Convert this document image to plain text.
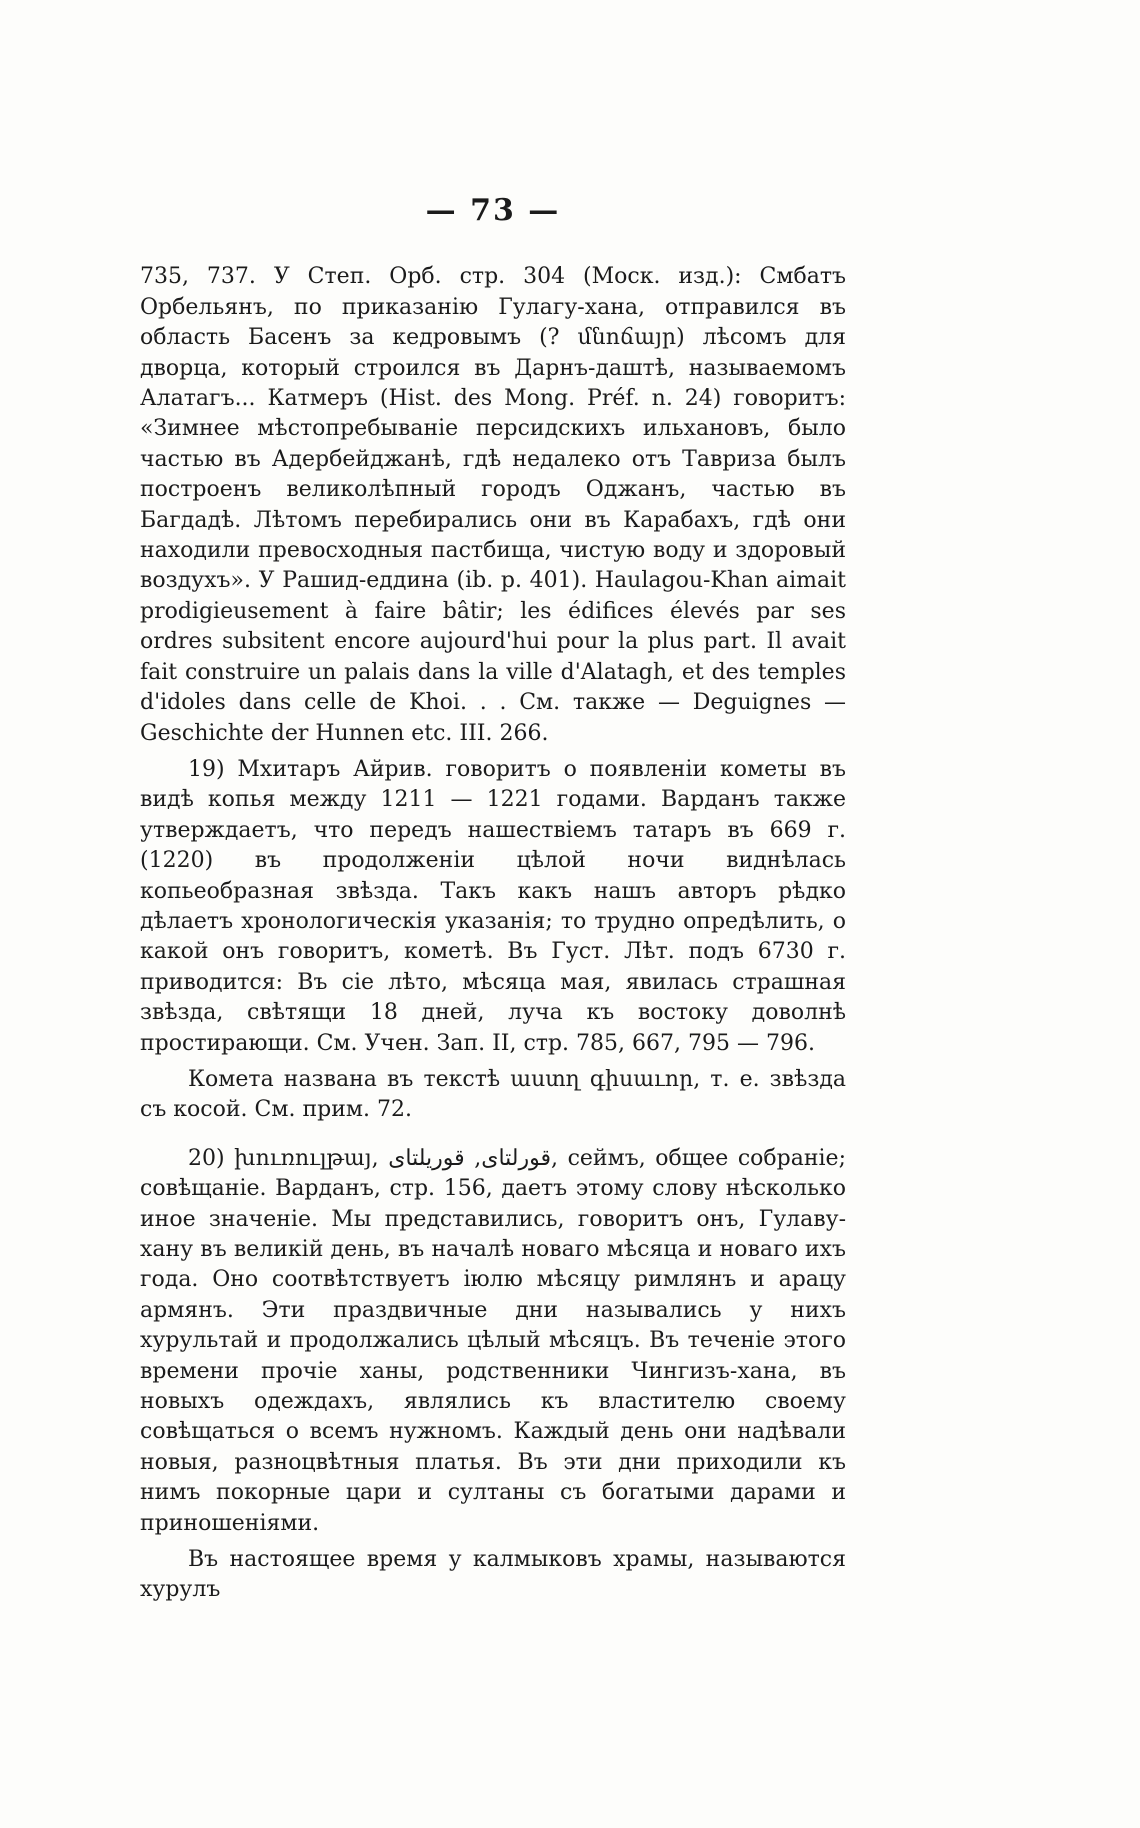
— 73 —

735, 737. У Степ. Орб. стр. 304 (Моск. изд.): Смбатъ Орбельянъ, по приказанію Гулагу-хана, отправился въ область Басенъ за кедровымъ (? մնոճայր) лѣсомъ для дворца, который строился въ Дарнъ-даштѣ, называемомъ Алатагъ... Катмеръ (Hist. des Mong. Préf. n. 24) говоритъ: «Зимнее мѣстопребываніе персидскихъ ильхановъ, было частью въ Адербейджанѣ, гдѣ недалеко отъ Тавриза былъ построенъ великолѣпный городъ Оджанъ, частью въ Багдадѣ. Лѣтомъ перебирались они въ Карабахъ, гдѣ они находили превосходныя пастбища, чистую воду и здоровый воздухъ». У Рашид-еддина (ib. p. 401). Haulagou-Khan aimait prodigieusement à faire bâtir; les édifices élevés par ses ordres subsitent encore aujourd'hui pour la plus part. Il avait fait construire un palais dans la ville d'Alatagh, et des temples d'idoles dans celle de Khoi. . . См. также — Deguignes — Geschichte der Hunnen etc. III. 266.

19) Мхитаръ Айрив. говоритъ о появленіи кометы въ видѣ копья между 1211 — 1221 годами. Варданъ также утверждаетъ, что передъ нашествіемъ татаръ въ 669 г. (1220) въ продолженіи цѣлой ночи виднѣлась копьеобразная звѣзда. Такъ какъ нашъ авторъ рѣдко дѣлаетъ хронологическія указанія; то трудно опредѣлить, о какой онъ говоритъ, кометѣ. Въ Густ. Лѣт. подъ 6730 г. приводится: Въ сіе лѣто, мѣсяца мая, явилась страшная звѣзда, свѣтящи 18 дней, луча къ востоку доволнѣ простирающи. См. Учен. Зап. II, стр. 785, 667, 795 — 796.

Комета названа въ текстѣ աստղ գիսաւոր, т. е. звѣзда съ косой. См. прим. 72.

20) խուռուլթայ, قورلتاى, قوريلتاى, сеймъ, общее собраніе; совѣщаніе. Варданъ, стр. 156, даетъ этому слову нѣсколько иное значеніе. Мы представились, говоритъ онъ, Гулаву-хану въ великій день, въ началѣ новаго мѣсяца и новаго ихъ года. Оно соотвѣтствуетъ іюлю мѣсяцу римлянъ и арацу армянъ. Эти праздвичные дни назывались у нихъ хурультай и продолжались цѣлый мѣсяцъ. Въ теченіе этого времени прочіе ханы, родственники Чингизъ-хана, въ новыхъ одеждахъ, являлись къ властителю своему совѣщаться о всемъ нужномъ. Каждый день они надѣвали новыя, разноцвѣтныя платья. Въ эти дни приходили къ нимъ покорные цари и султаны съ богатыми дарами и приношеніями.

Въ настоящее время у калмыковъ храмы, называются хурулъ
